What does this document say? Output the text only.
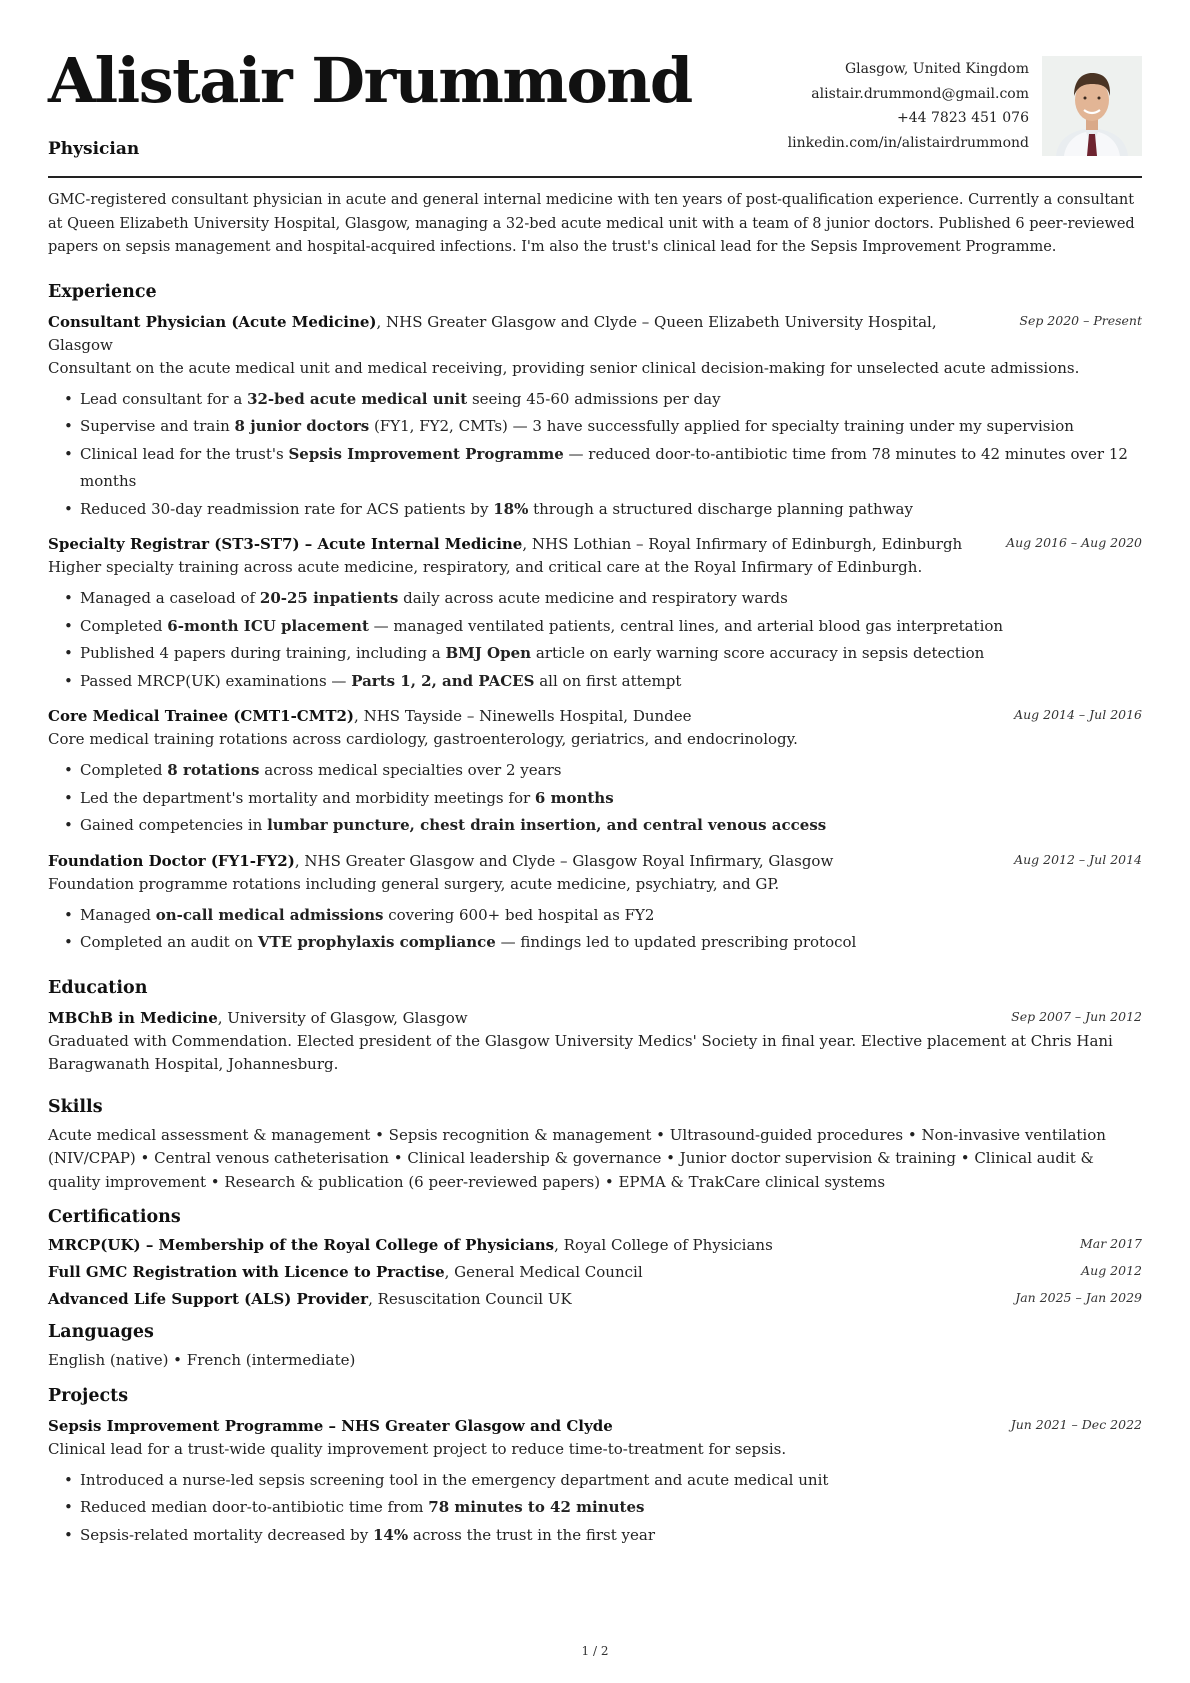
Alistair Drummond
Physician
Glasgow, United Kingdom
alistair.drummond@gmail.com
+44 7823 451 076
linkedin.com/in/alistairdrummond

GMC-registered consultant physician in acute and general internal medicine with ten years of post-qualification experience. Currently a consultant at Queen Elizabeth University Hospital, Glasgow, managing a 32-bed acute medical unit with a team of 8 junior doctors. Published 6 peer-reviewed papers on sepsis management and hospital-acquired infections. I'm also the trust's clinical lead for the Sepsis Improvement Programme.

Experience
Consultant Physician (Acute Medicine), NHS Greater Glasgow and Clyde – Queen Elizabeth University Hospital, Glasgow
Sep 2020 – Present
Consultant on the acute medical unit and medical receiving, providing senior clinical decision-making for unselected acute admissions.
• Lead consultant for a 32-bed acute medical unit seeing 45-60 admissions per day
• Supervise and train 8 junior doctors (FY1, FY2, CMTs) — 3 have successfully applied for specialty training under my supervision
• Clinical lead for the trust's Sepsis Improvement Programme — reduced door-to-antibiotic time from 78 minutes to 42 minutes over 12 months
• Reduced 30-day readmission rate for ACS patients by 18% through a structured discharge planning pathway
Specialty Registrar (ST3-ST7) – Acute Internal Medicine, NHS Lothian – Royal Infirmary of Edinburgh, Edinburgh	Aug 2016 – Aug 2020
Higher specialty training across acute medicine, respiratory, and critical care at the Royal Infirmary of Edinburgh.
• Managed a caseload of 20-25 inpatients daily across acute medicine and respiratory wards
• Completed 6-month ICU placement — managed ventilated patients, central lines, and arterial blood gas interpretation
• Published 4 papers during training, including a BMJ Open article on early warning score accuracy in sepsis detection
• Passed MRCP(UK) examinations — Parts 1, 2, and PACES all on first attempt
Core Medical Trainee (CMT1-CMT2), NHS Tayside – Ninewells Hospital, Dundee	Aug 2014 – Jul 2016
Core medical training rotations across cardiology, gastroenterology, geriatrics, and endocrinology.
• Completed 8 rotations across medical specialties over 2 years
• Led the department's mortality and morbidity meetings for 6 months
• Gained competencies in lumbar puncture, chest drain insertion, and central venous access
Foundation Doctor (FY1-FY2), NHS Greater Glasgow and Clyde – Glasgow Royal Infirmary, Glasgow	Aug 2012 – Jul 2014
Foundation programme rotations including general surgery, acute medicine, psychiatry, and GP.
• Managed on-call medical admissions covering 600+ bed hospital as FY2
• Completed an audit on VTE prophylaxis compliance — findings led to updated prescribing protocol
Education
MBChB in Medicine, University of Glasgow, Glasgow	Sep 2007 – Jun 2012
Graduated with Commendation. Elected president of the Glasgow University Medics' Society in final year. Elective placement at Chris Hani Baragwanath Hospital, Johannesburg.
Skills
Acute medical assessment & management • Sepsis recognition & management • Ultrasound-guided procedures • Non-invasive ventilation (NIV/CPAP) • Central venous catheterisation • Clinical leadership & governance • Junior doctor supervision & training • Clinical audit & quality improvement • Research & publication (6 peer-reviewed papers) • EPMA & TrakCare clinical systems
Certifications
MRCP(UK) – Membership of the Royal College of Physicians, Royal College of Physicians	Mar 2017
Full GMC Registration with Licence to Practise, General Medical Council	Aug 2012
Advanced Life Support (ALS) Provider, Resuscitation Council UK	Jan 2025 – Jan 2029
Languages
English (native) • French (intermediate)
Projects
Sepsis Improvement Programme – NHS Greater Glasgow and Clyde	Jun 2021 – Dec 2022
Clinical lead for a trust-wide quality improvement project to reduce time-to-treatment for sepsis.
• Introduced a nurse-led sepsis screening tool in the emergency department and acute medical unit
• Reduced median door-to-antibiotic time from 78 minutes to 42 minutes
• Sepsis-related mortality decreased by 14% across the trust in the first year
1 / 2
